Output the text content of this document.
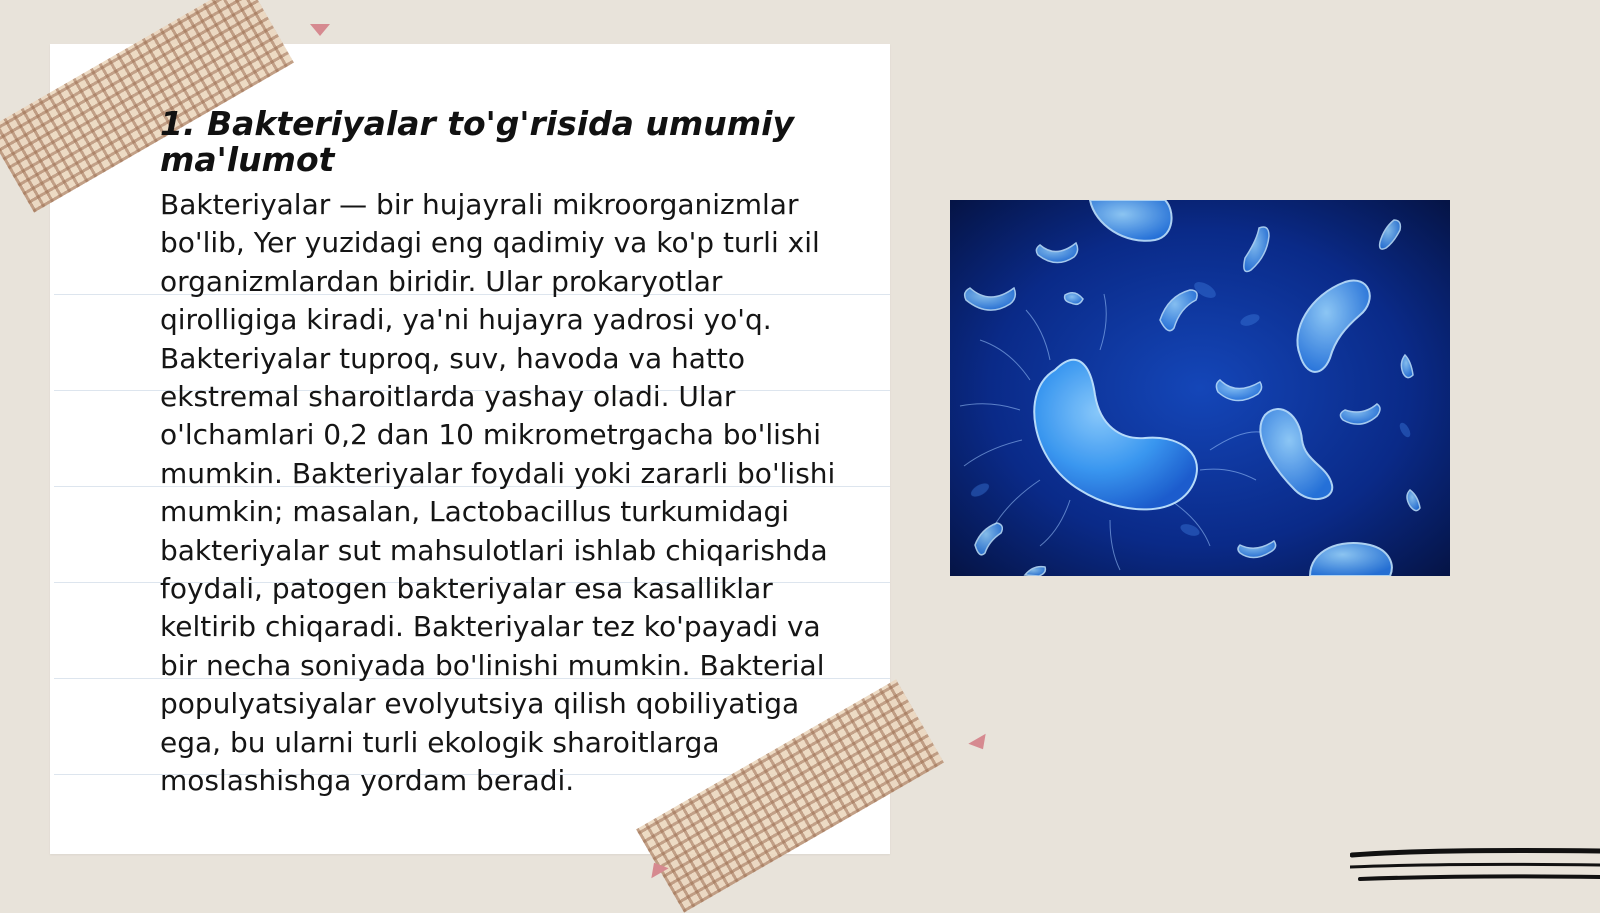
1. Bakteriyalar to'g'risida umumiy ma'lumot

Bakteriyalar — bir hujayrali mikroorganizmlar bo'lib, Yer yuzidagi eng qadimiy va ko'p turli xil organizmlardan biridir. Ular prokaryotlar qirolligiga kiradi, ya'ni hujayra yadrosi yo'q. Bakteriyalar tuproq, suv, havoda va hatto ekstremal sharoitlarda yashay oladi. Ular o'lchamlari 0,2 dan 10 mikrometrgacha bo'lishi mumkin. Bakteriyalar foydali yoki zararli bo'lishi mumkin; masalan, Lactobacillus turkumidagi bakteriyalar sut mahsulotlari ishlab chiqarishda foydali, patogen bakteriyalar esa kasalliklar keltirib chiqaradi. Bakteriyalar tez ko'payadi va bir necha soniyada bo'linishi mumkin. Bakterial populyatsiyalar evolyutsiya qilish qobiliyatiga ega, bu ularni turli ekologik sharoitlarga moslashishga yordam beradi.
